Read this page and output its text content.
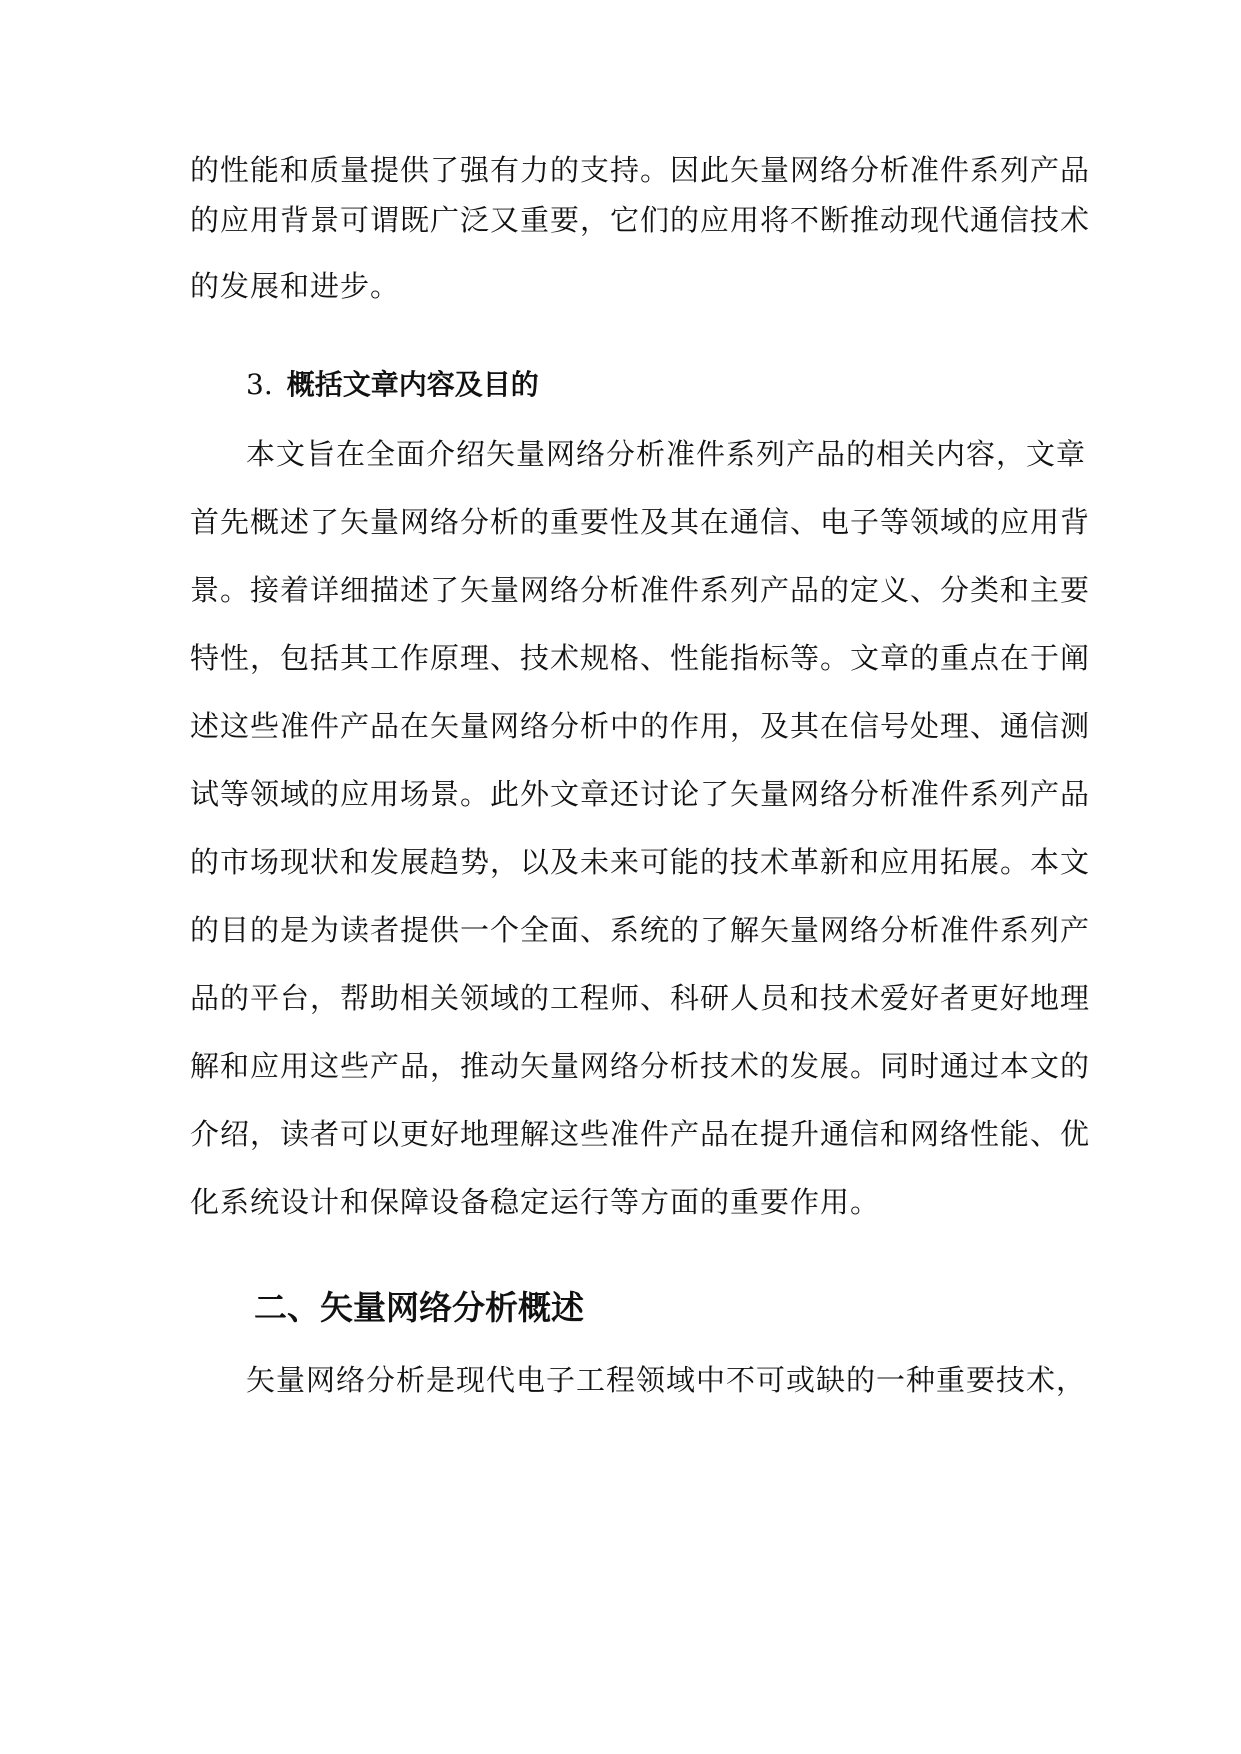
的性能和质量提供了强有力的支持。因此矢量网络分析准件系列产品
的应用背景可谓既广泛又重要，它们的应用将不断推动现代通信技术
的发展和进步。
3. 概括文章内容及目的
本文旨在全面介绍矢量网络分析准件系列产品的相关内容，文章
首先概述了矢量网络分析的重要性及其在通信、电子等领域的应用背
景。接着详细描述了矢量网络分析准件系列产品的定义、分类和主要
特性，包括其工作原理、技术规格、性能指标等。文章的重点在于阐
述这些准件产品在矢量网络分析中的作用，及其在信号处理、通信测
试等领域的应用场景。此外文章还讨论了矢量网络分析准件系列产品
的市场现状和发展趋势，以及未来可能的技术革新和应用拓展。本文
的目的是为读者提供一个全面、系统的了解矢量网络分析准件系列产
品的平台，帮助相关领域的工程师、科研人员和技术爱好者更好地理
解和应用这些产品，推动矢量网络分析技术的发展。同时通过本文的
介绍，读者可以更好地理解这些准件产品在提升通信和网络性能、优
化系统设计和保障设备稳定运行等方面的重要作用。
二、矢量网络分析概述
矢量网络分析是现代电子工程领域中不可或缺的一种重要技术，
